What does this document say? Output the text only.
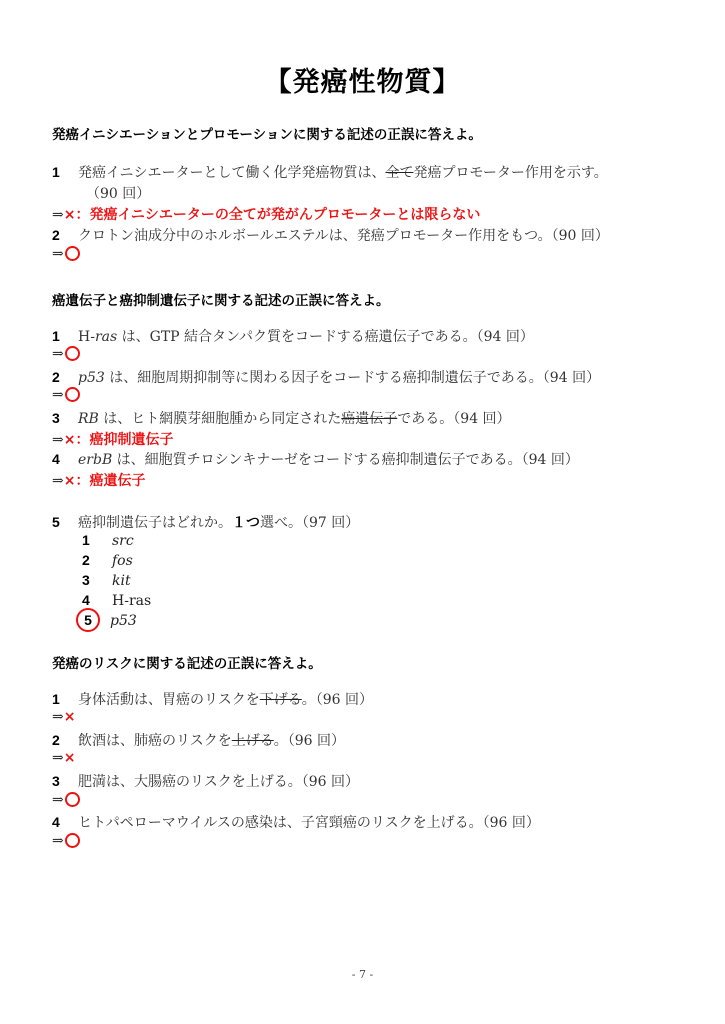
【発癌性物質】
発癌イニシエーションとプロモーションに関する記述の正誤に答えよ。
1 発癌イニシエーターとして働く化学発癌物質は、全て発癌プロモーター作用を示す。
（90 回）
⇒×：発癌イニシエーターの全てが発がんプロモーターとは限らない
2 クロトン油成分中のホルボールエステルは、発癌プロモーター作用をもつ。（90 回）
⇒
癌遺伝子と癌抑制遺伝子に関する記述の正誤に答えよ。
1 H-ras は、GTP 結合タンパク質をコードする癌遺伝子である。（94 回）
⇒
2 p53 は、細胞周期抑制等に関わる因子をコードする癌抑制遺伝子である。（94 回）
⇒
3 RB は、ヒト網膜芽細胞腫から同定された癌遺伝子である。（94 回）
⇒×：癌抑制遺伝子
4 erbB は、細胞質チロシンキナーゼをコードする癌抑制遺伝子である。（94 回）
⇒×：癌遺伝子
5 癌抑制遺伝子はどれか。１つ選べ。（97 回）
1 src
2 fos
3 kit
4 H-ras
5 p53
発癌のリスクに関する記述の正誤に答えよ。
1 身体活動は、胃癌のリスクを下げる。（96 回）
⇒×
2 飲酒は、肺癌のリスクを上げる。（96 回）
⇒×
3 肥満は、大腸癌のリスクを上げる。（96 回）
⇒
4 ヒトパペローマウイルスの感染は、子宮頸癌のリスクを上げる。（96 回）
⇒
- 7 -
